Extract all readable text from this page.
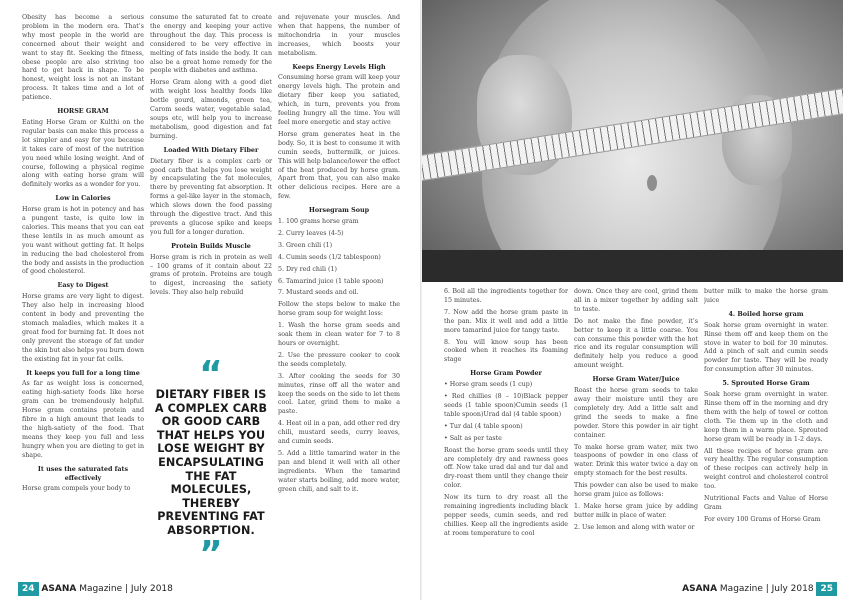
Obesity has become a serious problem in the modern era. That’s why most people in the world are concerned about their weight and want to stay fit. Seeking the fitness, obese people are also striving too hard to get back in shape. To be honest, weight loss is not an instant process. It takes time and a lot of patience.

HORSE GRAM

Eating Horse Gram or Kulthi on the regular basis can make this process a lot simpler and easy for you because it takes care of most of the nutrition you need while losing weight. And of course, following a physical regime along with eating horse gram will definitely works as a wonder for you.

Low in Calories

Horse gram is hot in potency and has a pungent taste, is quite low in calories. This means that you can eat these lentils in as much amount as you want without getting fat. It helps in reducing the bad cholesterol from the body and assists in the production of good cholesterol.

Easy to Digest

Horse grams are very light to digest. They also help in increasing blood content in body and preventing the stomach maladies, which makes it a great food for burning fat. It does not only prevent the storage of fat under the skin but also helps you burn down the existing fat in your fat cells.

It keeps you full for a long time

As far as weight loss is concerned, eating high-satiety foods like horse gram can be tremendously helpful. Horse gram contains protein and fibre in a high amount that leads to the high-satiety of the food. That means they keep you full and less hungry when you are dieting to get in shape.

It uses the saturated fats effectively

Horse gram compels your body to

consume the saturated fat to create the energy and keeping your active throughout the day. This process is considered to be very effective in melting of fats inside the body. It can also be a great home remedy for the people with diabetes and asthma.

Horse Gram along with a good diet with weight loss healthy foods like bottle gourd, almonds, green tea, Carom seeds water, vegetable salad, soups etc, will help you to increase metabolism, good digestion and fat burning.

Loaded With Dietary Fiber

Dietary fiber is a complex carb or good carb that helps you lose weight by encapsulating the fat molecules, there by preventing fat absorption. It forms a gel-like layer in the stomach, which slows down the food passing through the digestive tract. And this prevents a glucose spike and keeps you full for a longer duration.

Protein Builds Muscle

Horse gram is rich in protein as well – 100 grams of it contain about 22 grams of protein. Proteins are tough to digest, increasing the satiety levels. They also help rebuild

“
DIETARY FIBER IS A COMPLEX CARB OR GOOD CARB THAT HELPS YOU LOSE WEIGHT BY ENCAPSULATING THE FAT MOLECULES, THEREBY PREVENTING FAT ABSORPTION.
”

and rejuvenate your muscles. And when that happens, the number of mitochondria in your muscles increases, which boosts your metabolism.

Keeps Energy Levels High

Consuming horse gram will keep your energy levels high. The protein and dietary fiber keep you satiated, which, in turn, prevents you from feeling hungry all the time. You will feel more energetic and stay active

Horse gram generates heat in the body. So, it is best to consume it with cumin seeds, buttermilk, or juices. This will help balance/lower the effect of the heat produced by horse gram. Apart from that, you can also make other delicious recipes. Here are a few.

Horsegram Soup
1. 100 grams horse gram
2. Curry leaves (4-5)
3. Green chili (1)
4. Cumin seeds (1/2 tablespoon)
5. Dry red chili (1)
6. Tamarind juice (1 table spoon)
7. Mustard seeds and oil.

Follow the steps below to make the horse gram soup for weight loss:

1. Wash the horse gram seeds and soak them in clean water for 7 to 8 hours or overnight.
2. Use the pressure cooker to cook the seeds completely.
3. After cooking the seeds for 30 minutes, rinse off all the water and keep the seeds on the side to let them cool. Later, grind them to make a paste.
4. Heat oil in a pan, add other red dry chili, mustard seeds, curry leaves, and cumin seeds.
5. Add a little tamarind water in the pan and blend it well with all other ingredients. When the tamarind water starts boiling, add more water, green chili, and salt to it.
24 ASANA Magazine | July 2018
6. Boil all the ingredients together for 15 minutes.
7. Now add the horse gram paste in the pan. Mix it well and add a little more tamarind juice for tangy taste.
8. You will know soup has been cooked when it reaches its foaming stage
Horse Gram Powder
• Horse gram seeds (1 cup)
• Red chillies (8 – 10)Black pepper seeds (1 table spoon)Cumin seeds (1 table spoon)Urad dal (4 table spoon)
• Tur dal (4 table spoon)
• Salt as per taste

Roast the horse gram seeds until they are completely dry and rawness goes off. Now take urad dal and tur dal and dry-roast them until they change their color.

Now its turn to dry roast all the remaining ingredients including black pepper seeds, cumin seeds, and red chillies. Keep all the ingredients aside at room temperature to cool

down. Once they are cool, grind them all in a mixer together by adding salt to taste.

Do not make the fine powder, it’s better to keep it a little coarse. You can consume this powder with the hot rice and its regular consumption will definitely help you reduce a good amount weight.

Horse Gram Water/Juice

Roast the horse gram seeds to take away their moisture until they are completely dry. Add a little salt and grind the seeds to make a fine powder. Store this powder in air tight container.

To make horse gram water, mix two teaspoons of powder in one class of water. Drink this water twice a day on empty stomach for the best results.

This powder can also be used to make horse gram juice as follows:

1. Make horse gram juice by adding butter milk in place of water.
2. Use lemon and along with water or

butter milk to make the horse gram juice

4. Boiled horse gram

Soak horse gram overnight in water. Rinse them off and keep them on the stove in water to boil for 30 minutes. Add a pinch of salt and cumin seeds powder for taste. They will be ready for consumption after 30 minutes.

5. Sprouted Horse Gram

Soak horse gram overnight in water. Rinse them off in the morning and dry them with the help of towel or cotton cloth. Tie them up in the cloth and keep them in a warm place. Sprouted horse gram will be ready in 1-2 days.

All these recipes of horse gram are very healthy. The regular consumption of these recipes can actively help in weight control and cholesterol control too.

Nutritional Facts and Value of Horse Gram

For every 100 Grams of Horse Gram

ASANA Magazine | July 2018 25
